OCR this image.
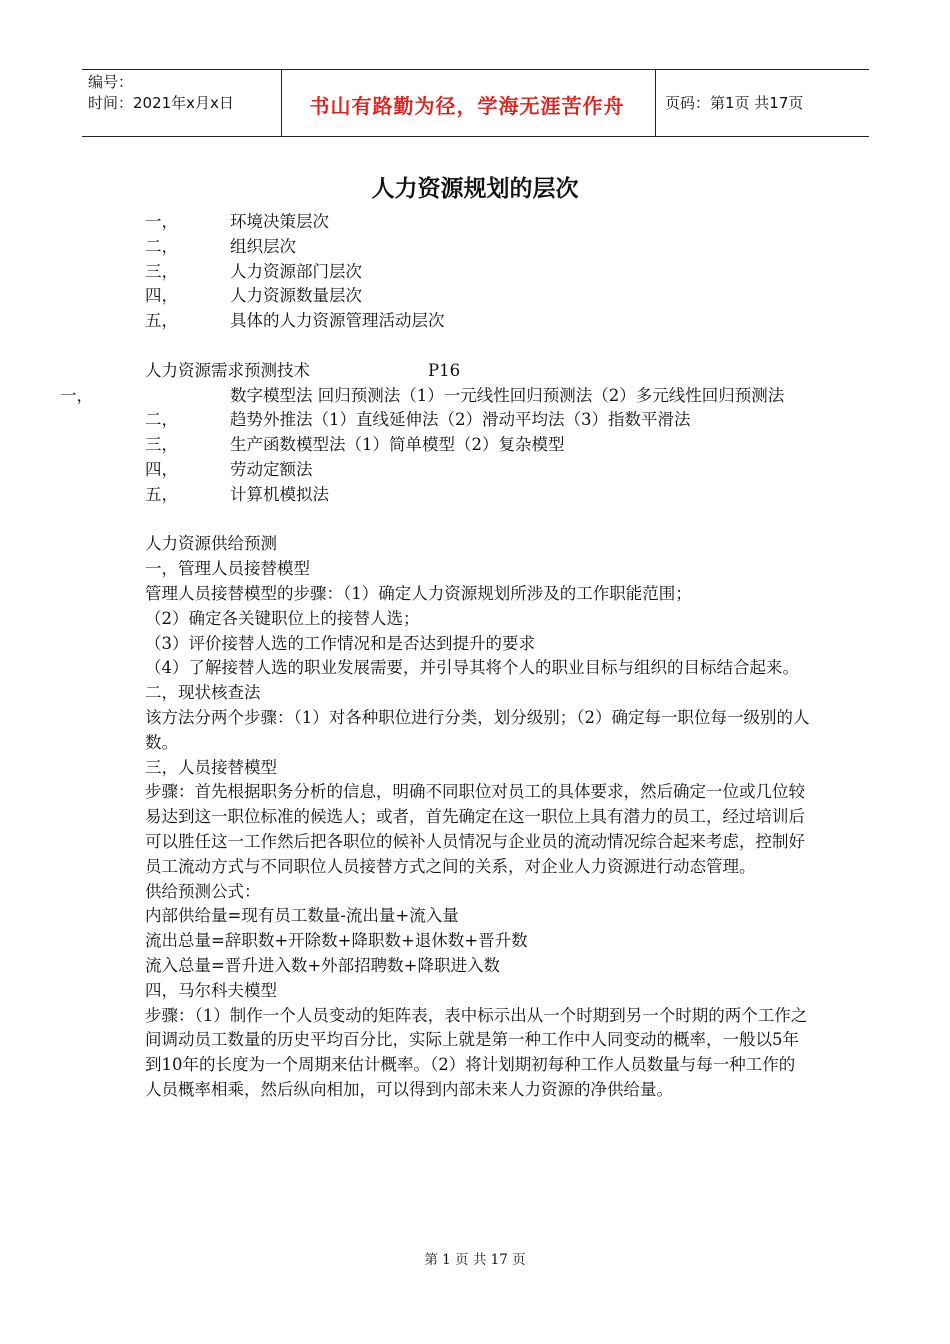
编号：
时间：2021年x月x日	书山有路勤为径，学海无涯苦作舟	页码：第1页 共17页
人力资源规划的层次
一，	环境决策层次
二，	组织层次
三，	人力资源部门层次
四，	人力资源数量层次
五，	具体的人力资源管理活动层次
人力资源需求预测技术	P16
一，	数字模型法 回归预测法（1）一元线性回归预测法（2）多元线性回归预测法
二，	趋势外推法（1）直线延伸法（2）滑动平均法（3）指数平滑法
三，	生产函数模型法（1）简单模型（2）复杂模型
四，	劳动定额法
五，	计算机模拟法
人力资源供给预测
一，管理人员接替模型
管理人员接替模型的步骤：（1）确定人力资源规划所涉及的工作职能范围；
（2）确定各关键职位上的接替人选；
（3）评价接替人选的工作情况和是否达到提升的要求
（4）了解接替人选的职业发展需要，并引导其将个人的职业目标与组织的目标结合起来。
二，现状核查法
该方法分两个步骤：（1）对各种职位进行分类，划分级别；（2）确定每一职位每一级别的人数。
三，人员接替模型
步骤：首先根据职务分析的信息，明确不同职位对员工的具体要求，然后确定一位或几位较易达到这一职位标准的候选人；或者，首先确定在这一职位上具有潜力的员工，经过培训后可以胜任这一工作然后把各职位的候补人员情况与企业员的流动情况综合起来考虑，控制好员工流动方式与不同职位人员接替方式之间的关系，对企业人力资源进行动态管理。
供给预测公式：
内部供给量=现有员工数量-流出量+流入量
流出总量=辞职数+开除数+降职数+退休数+晋升数
流入总量=晋升进入数+外部招聘数+降职进入数
四，马尔科夫模型
步骤：（1）制作一个人员变动的矩阵表，表中标示出从一个时期到另一个时期的两个工作之间调动员工数量的历史平均百分比，实际上就是第一种工作中人同变动的概率，一般以5年到10年的长度为一个周期来估计概率。（2）将计划期初每种工作人员数量与每一种工作的人员概率相乘，然后纵向相加，可以得到内部未来人力资源的净供给量。
第 1 页 共 17 页
